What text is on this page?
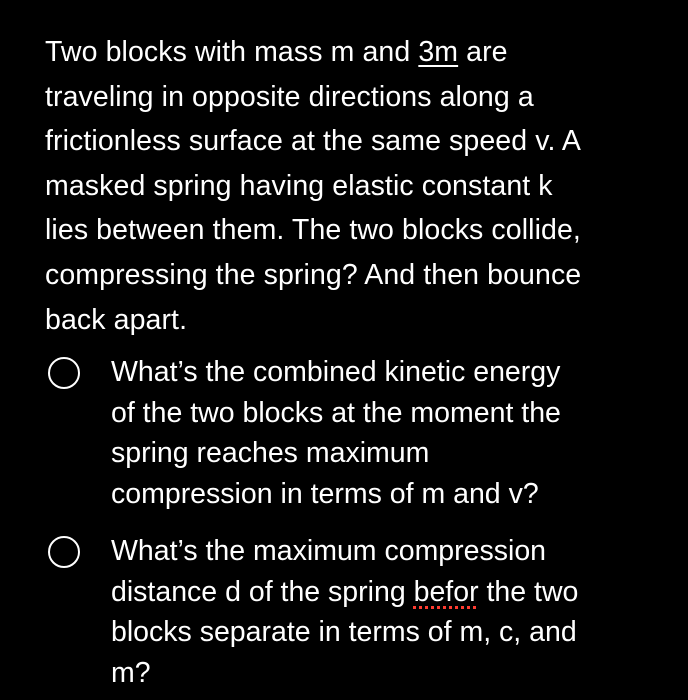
Two blocks with mass m and 3m are
traveling in opposite directions along a
frictionless surface at the same speed v. A
masked spring having elastic constant k
lies between them. The two blocks collide,
compressing the spring? And then bounce
back apart.
What’s the combined kinetic energy
of the two blocks at the moment the
spring reaches maximum
compression in terms of m and v?
What’s the maximum compression
distance d of the spring befor the two
blocks separate in terms of m, c, and
m?
